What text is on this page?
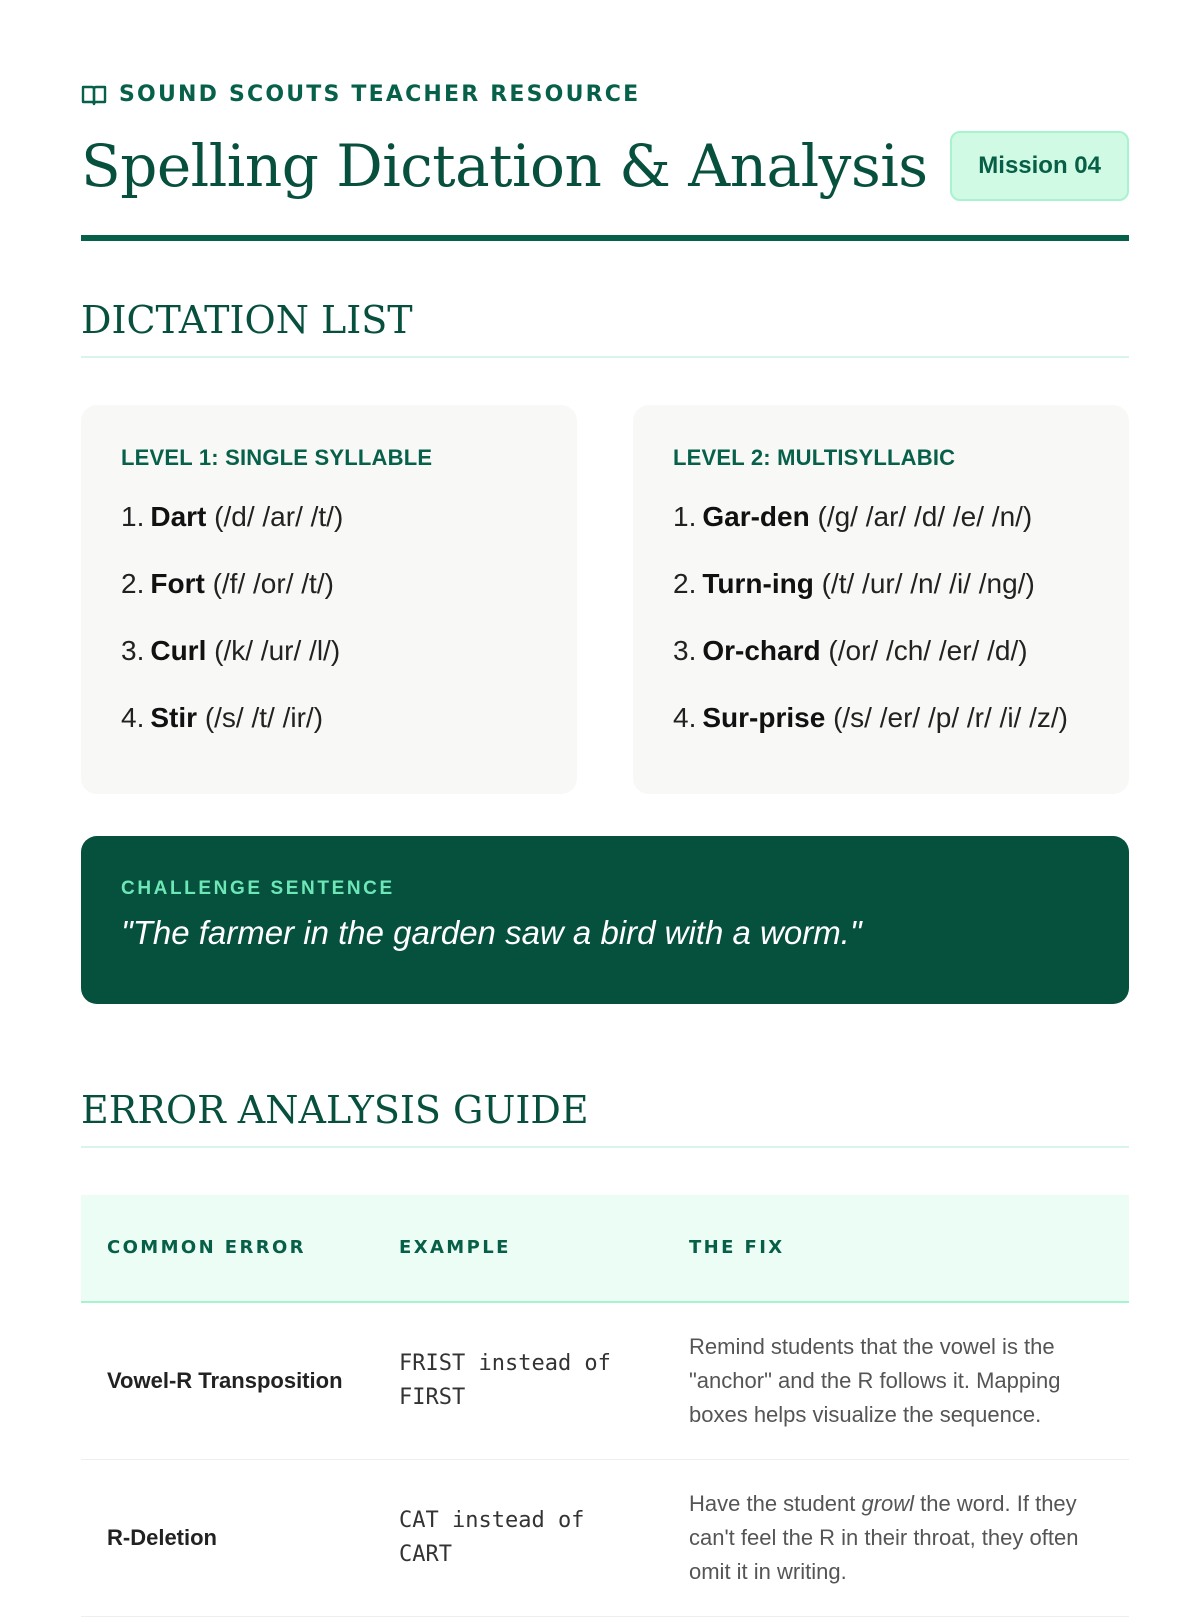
SOUND SCOUTS TEACHER RESOURCE
Spelling Dictation & Analysis	Mission 04
DICTATION LIST
LEVEL 1: SINGLE SYLLABLE
1. Dart (/d/ /ar/ /t/)
2. Fort (/f/ /or/ /t/)
3. Curl (/k/ /ur/ /l/)
4. Stir (/s/ /t/ /ir/)
LEVEL 2: MULTISYLLABIC
1. Gar-den (/g/ /ar/ /d/ /e/ /n/)
2. Turn-ing (/t/ /ur/ /n/ /i/ /ng/)
3. Or-chard (/or/ /ch/ /er/ /d/)
4. Sur-prise (/s/ /er/ /p/ /r/ /i/ /z/)
CHALLENGE SENTENCE
"The farmer in the garden saw a bird with a worm."
ERROR ANALYSIS GUIDE
COMMON ERROR	EXAMPLE	THE FIX

Vowel-R Transposition	FRIST instead of FIRST	Remind students that the vowel is the "anchor" and the R follows it. Mapping boxes helps visualize the sequence.

R-Deletion	CAT instead of CART	Have the student growl the word. If they can't feel the R in their throat, they often omit it in writing.
